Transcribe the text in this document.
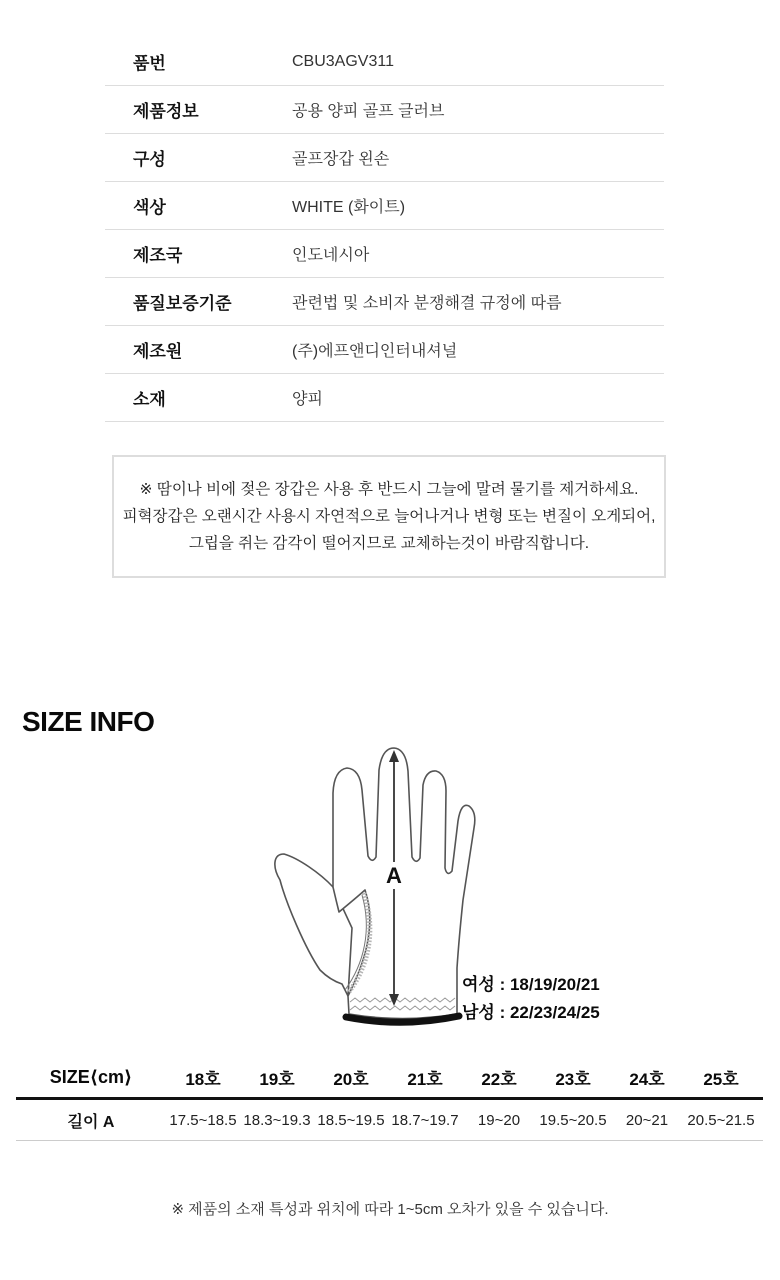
품번	CBU3AGV311
제품정보	공용 양피 골프 글러브
구성	골프장갑 왼손
색상	WHITE (화이트)
제조국	인도네시아
품질보증기준	관련법 및 소비자 분쟁해결 규정에 따름
제조원	(주)에프앤디인터내셔널
소재	양피
※ 땀이나 비에 젖은 장갑은 사용 후 반드시 그늘에 말려 물기를 제거하세요.
피혁장갑은 오랜시간 사용시 자연적으로 늘어나거나 변형 또는 변질이 오게되어,
그립을 쥐는 감각이 떨어지므로 교체하는것이 바람직합니다.
SIZE INFO
A
여성 : 18/19/20/21
남성 : 22/23/24/25
SIZE⟨cm⟩	18호	19호	20호	21호	22호	23호	24호	25호
길이 A	17.5~18.5 18.3~19.3 18.5~19.5 18.7~19.7	19~20	19.5~20.5	20~21	20.5~21.5
※ 제품의 소재 특성과 위치에 따라 1~5cm 오차가 있을 수 있습니다.
